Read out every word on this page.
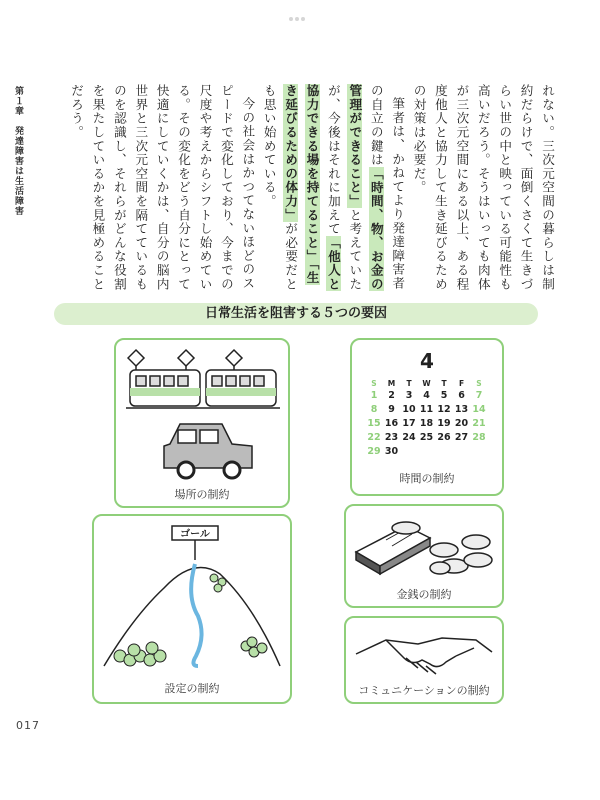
第１章　発達障害は生活障害	れない。三次元空間の暮らしは制約だらけで、面倒くさくて生きづらい世の中と映っている可能性も高いだろう。そうはいっても肉体が三次元空間にある以上、ある程度他人と協力して生き延びるための対策は必要だ。

筆者は、かねてより発達障害者の自立の鍵は「時間、物、お金の管理ができること」と考えていたが、今後はそれに加えて「他人と協力できる場を持てること」「生き延びるための体力」が必要だとも思い始めている。

今の社会はかつてないほどのスピードで変化しており、今までの尺度や考えからシフトし始めている。その変化をどう自分にとって快適にしていくかは、自分の脳内世界と三次元空間を隔てているものを認識し、それらがどんな役割を果たしているかを見極めることだろう。

日常生活を阻害する５つの要因
場所の制約
4
S M T W T F S
1 2 3 4 5 6 7
8 9 10 11 12 13 14
15 16 17 18 19 20 21
22 23 24 25 26 27 28
29 30
時間の制約
ゴール
設定の制約
金銭の制約
コミュニケーションの制約
017
